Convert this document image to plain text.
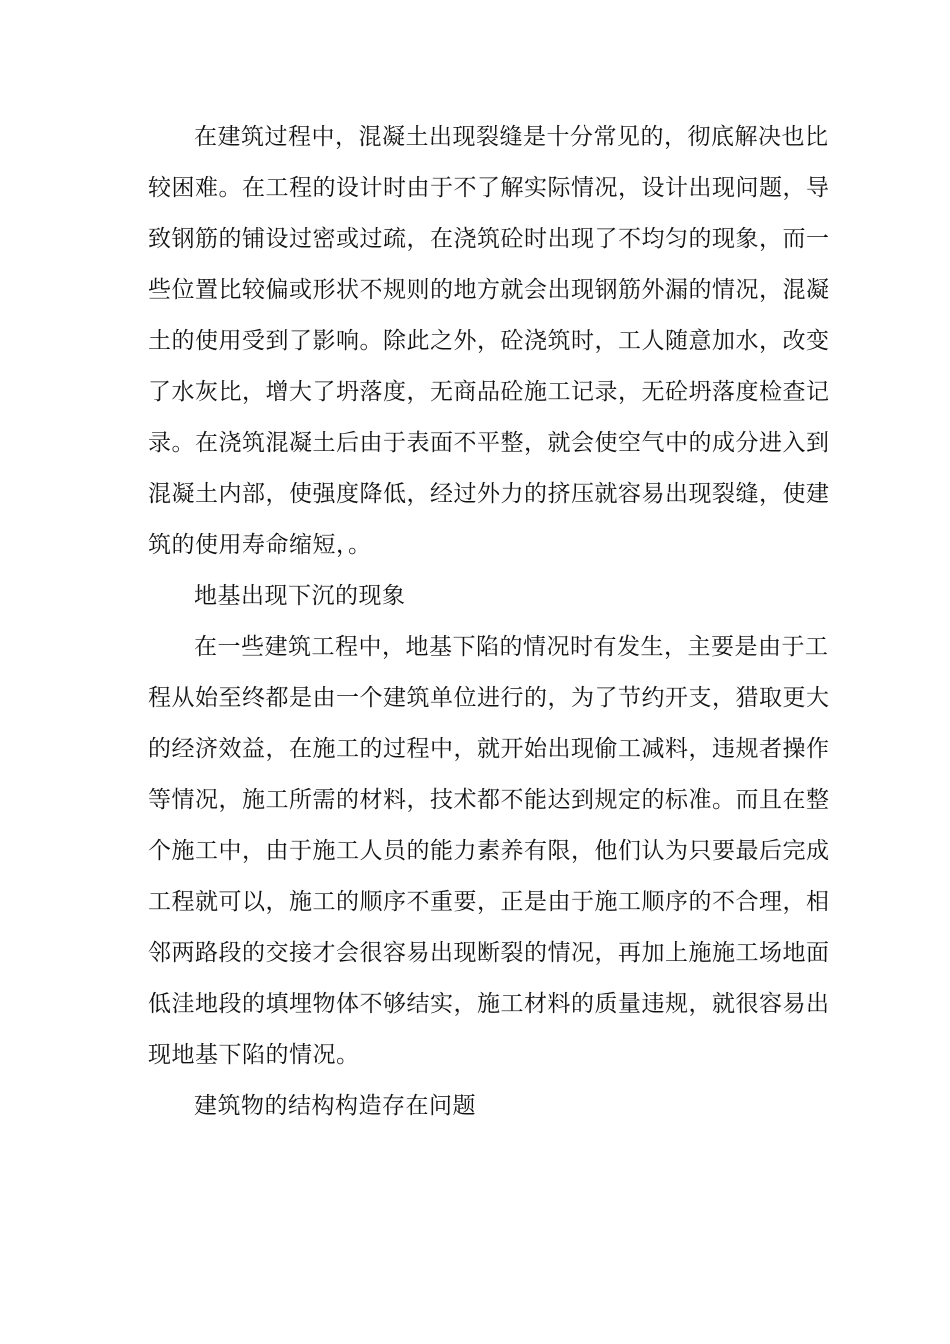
在建筑过程中，混凝土出现裂缝是十分常见的，彻底解决也比
较困难。在工程的设计时由于不了解实际情况，设计出现问题，导
致钢筋的铺设过密或过疏，在浇筑砼时出现了不均匀的现象，而一
些位置比较偏或形状不规则的地方就会出现钢筋外漏的情况，混凝
土的使用受到了影响。除此之外，砼浇筑时，工人随意加水，改变
了水灰比，增大了坍落度，无商品砼施工记录，无砼坍落度检查记
录。在浇筑混凝土后由于表面不平整，就会使空气中的成分进入到
混凝土内部，使强度降低，经过外力的挤压就容易出现裂缝，使建
筑的使用寿命缩短，。
地基出现下沉的现象
在一些建筑工程中，地基下陷的情况时有发生，主要是由于工
程从始至终都是由一个建筑单位进行的，为了节约开支，猎取更大
的经济效益，在施工的过程中，就开始出现偷工减料，违规者操作
等情况，施工所需的材料，技术都不能达到规定的标准。而且在整
个施工中，由于施工人员的能力素养有限，他们认为只要最后完成
工程就可以，施工的顺序不重要，正是由于施工顺序的不合理，相
邻两路段的交接才会很容易出现断裂的情况，再加上施施工场地面
低洼地段的填埋物体不够结实，施工材料的质量违规，就很容易出
现地基下陷的情况。
建筑物的结构构造存在问题
